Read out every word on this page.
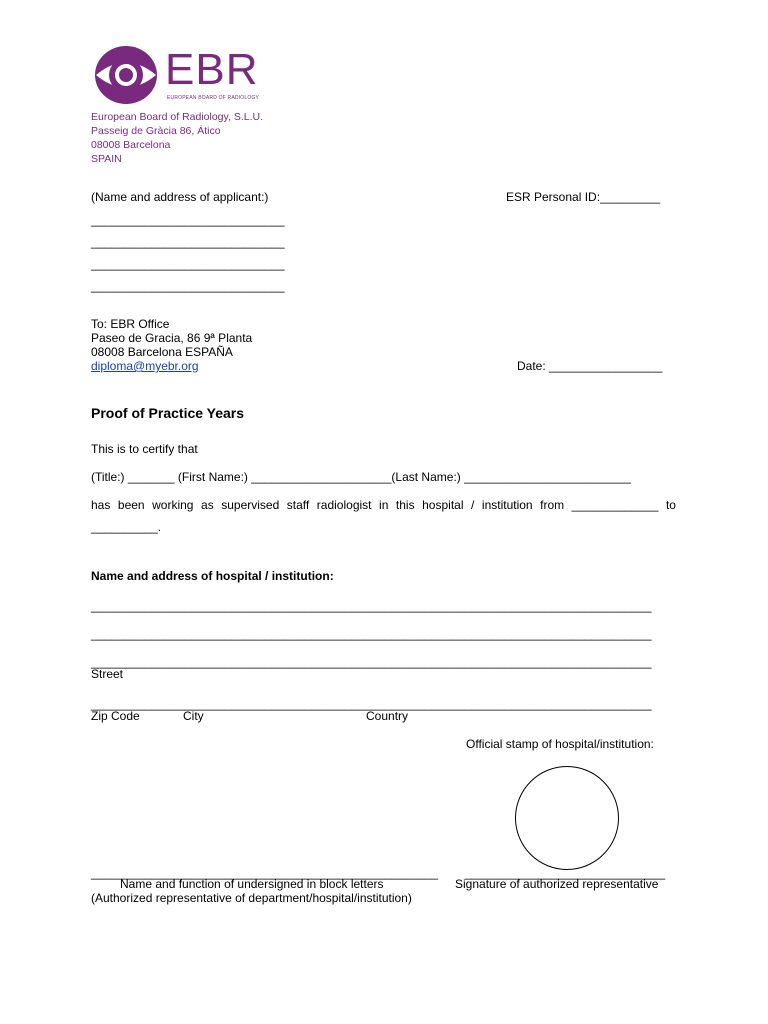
EBR
EUROPEAN BOARD OF RADIOLOGY
European Board of Radiology, S.L.U.
Passeig de Gràcia 86, Ático
08008 Barcelona
SPAIN
(Name and address of applicant:)	ESR Personal ID:_________
_____________________________
_____________________________
_____________________________
_____________________________
To: EBR Office
Paseo de Gracia, 86 9ª Planta
08008 Barcelona ESPAÑA
diploma@myebr.org	Date: _________________
Proof of Practice Years
This is to certify that
(Title:) _______ (First Name:) _____________________(Last Name:) _________________________
has been working as supervised staff radiologist in this hospital / institution from _____________ to
__________.
Name and address of hospital / institution:
____________________________________________________________________________________
____________________________________________________________________________________
____________________________________________________________________________________
Street
____________________________________________________________________________________
Zip Code	City	Country
Official stamp of hospital/institution:
____________________________________________________ ______________________________
Name and function of undersigned in block letters	Signature of authorized representative
(Authorized representative of department/hospital/institution)
